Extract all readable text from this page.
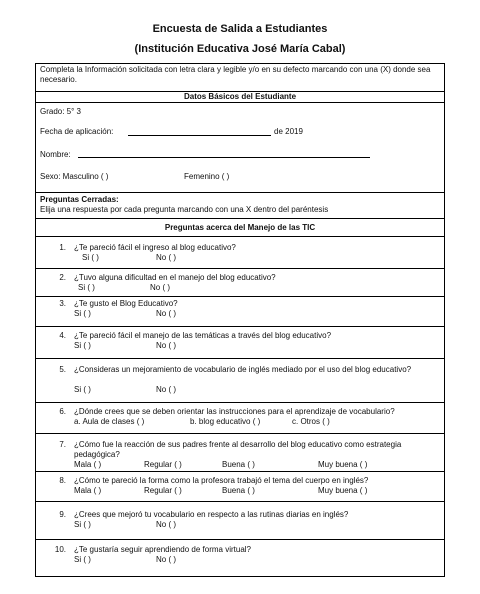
Encuesta de Salida a Estudiantes
(Institución Educativa José María Cabal)
Completa la Información solicitada con letra clara y legible y/o en su defecto marcando con una (X) donde sea necesario.
Datos Básicos del Estudiante
Grado: 5° 3
Fecha de aplicación:	de 2019
Nombre:
Sexo: Masculino ( )	Femenino ( )
Preguntas Cerradas:
Elija una respuesta por cada pregunta marcando con una X dentro del paréntesis
Preguntas acerca del Manejo de las TIC
1. ¿Te pareció fácil el ingreso al blog educativo?
Si ( )	No ( )
2. ¿Tuvo alguna dificultad en el manejo del blog educativo?
Si ( )	No ( )
3. ¿Te gusto el Blog Educativo?
Si ( )	No ( )
4. ¿Te pareció fácil el manejo de las temáticas a través del blog educativo?
Si ( )	No ( )
5. ¿Consideras un mejoramiento de vocabulario de inglés mediado por el uso del blog educativo?
Si ( )	No ( )
6. ¿Dónde crees que se deben orientar las instrucciones para el aprendizaje de vocabulario?
a. Aula de clases ( )	b. blog educativo ( )	c. Otros ( )
7. ¿Cómo fue la reacción de sus padres frente al desarrollo del blog educativo como estrategia pedagógica?
Mala ( )	Regular ( )	Buena ( )	Muy buena ( )
8. ¿Cómo te pareció la forma como la profesora trabajó el tema del cuerpo en inglés?
Mala ( )	Regular ( )	Buena ( )	Muy buena ( )
9. ¿Crees que mejoró tu vocabulario en respecto a las rutinas diarias en inglés?
Si ( )	No ( )
10. ¿Te gustaría seguir aprendiendo de forma virtual?
Si ( )	No ( )
